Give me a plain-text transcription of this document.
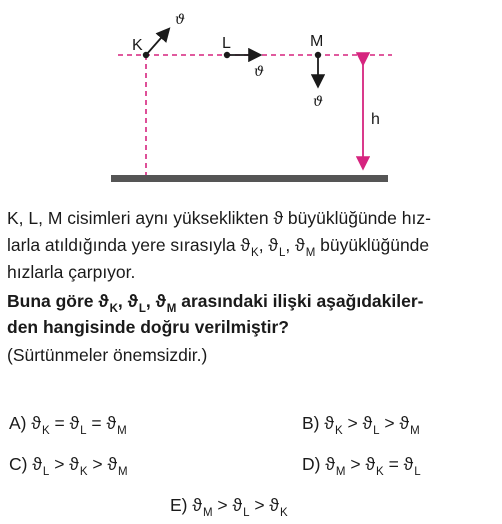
K
ϑ
L
ϑ
M
ϑ
h
K, L, M cisimleri aynı yükseklikten ϑ büyüklüğünde hız-
larla atıldığında yere sırasıyla $ϑ_K$, $ϑ_L$, $ϑ_M$ büyüklüğünde
hızlarla çarpıyor.
Buna göre $ϑ_K$, $ϑ_L$, $ϑ_M$ arasındaki ilişki aşağıdakiler-
den hangisinde doğru verilmiştir?
(Sürtünmeler önemsizdir.)
A) $ϑ_K = ϑ_L = ϑ_M$	B) $ϑ_K > ϑ_L > ϑ_M$
C) $ϑ_L > ϑ_K > ϑ_M$	D) $ϑ_M > ϑ_K = ϑ_L$
E) $ϑ_M > ϑ_L > ϑ_K$
